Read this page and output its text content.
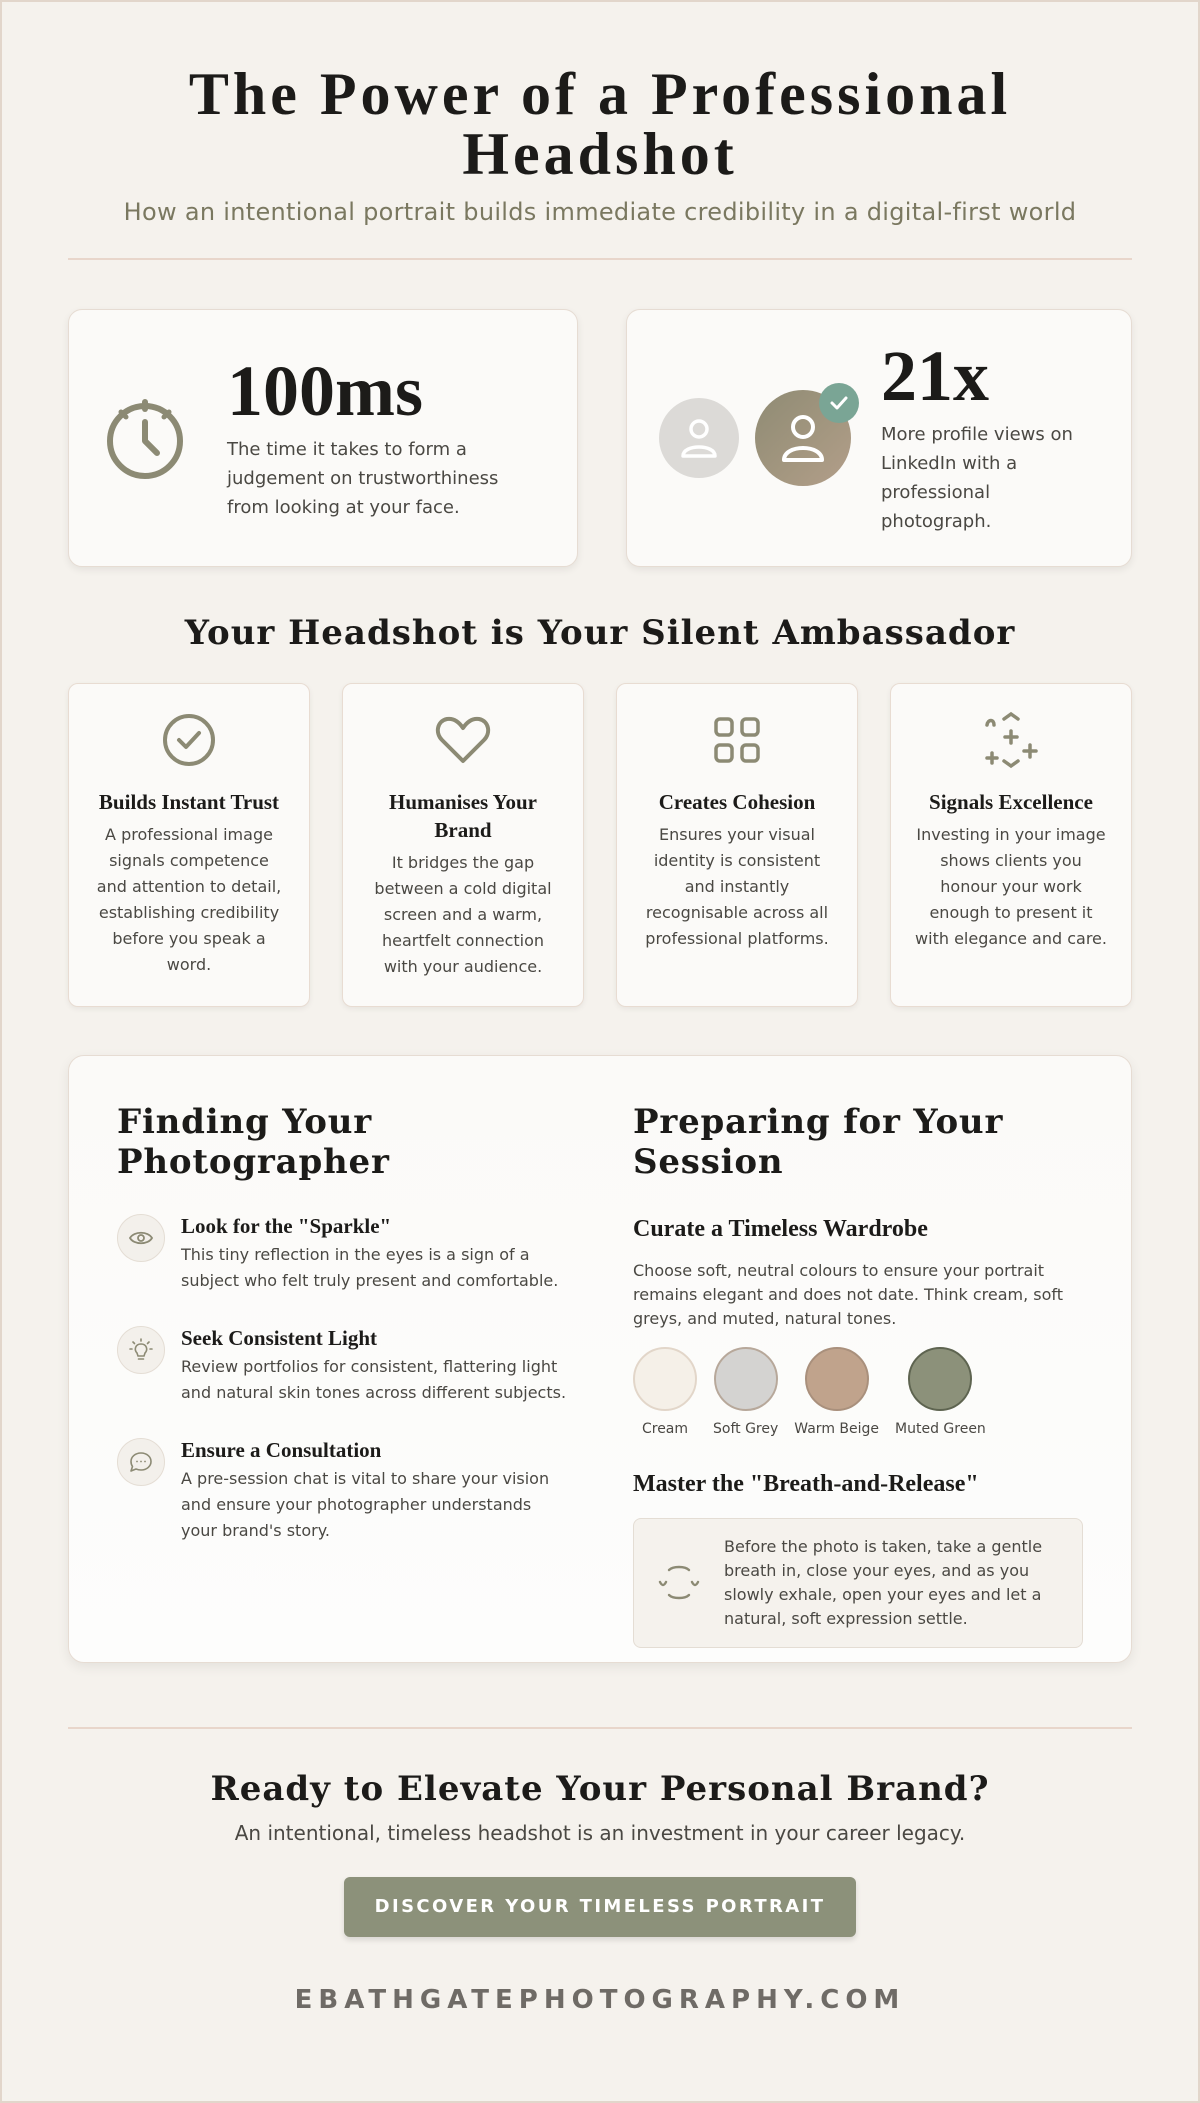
The Power of a Professional
Headshot

How an intentional portrait builds immediate credibility in a digital-first world

100ms

The time it takes to form a judgement on trustworthiness from looking at your face.

21x

More profile views on LinkedIn with a professional photograph.

Your Headshot is Your Silent Ambassador
Builds Instant Trust

A professional image signals competence and attention to detail, establishing credibility before you speak a word.

Humanises Your Brand

It bridges the gap between a cold digital screen and a warm, heartfelt connection with your audience.

Creates Cohesion

Ensures your visual identity is consistent and instantly recognisable across all professional platforms.

Signals Excellence

Investing in your image shows clients you honour your work enough to present it with elegance and care.

Finding Your Photographer
Look for the "Sparkle"

This tiny reflection in the eyes is a sign of a subject who felt truly present and comfortable.

Seek Consistent Light

Review portfolios for consistent, flattering light and natural skin tones across different subjects.

Ensure a Consultation

A pre-session chat is vital to share your vision and ensure your photographer understands your brand's story.

Preparing for Your Session
Curate a Timeless Wardrobe

Choose soft, neutral colours to ensure your portrait remains elegant and does not date. Think cream, soft greys, and muted, natural tones.

Cream Soft Grey Warm Beige Muted Green
Master the "Breath-and-Release"

Before the photo is taken, take a gentle breath in, close your eyes, and as you slowly exhale, open your eyes and let a natural, soft expression settle.

Ready to Elevate Your Personal Brand?

An intentional, timeless headshot is an investment in your career legacy.

DISCOVER YOUR TIMELESS PORTRAIT
EBATHGATEPHOTOGRAPHY.COM
